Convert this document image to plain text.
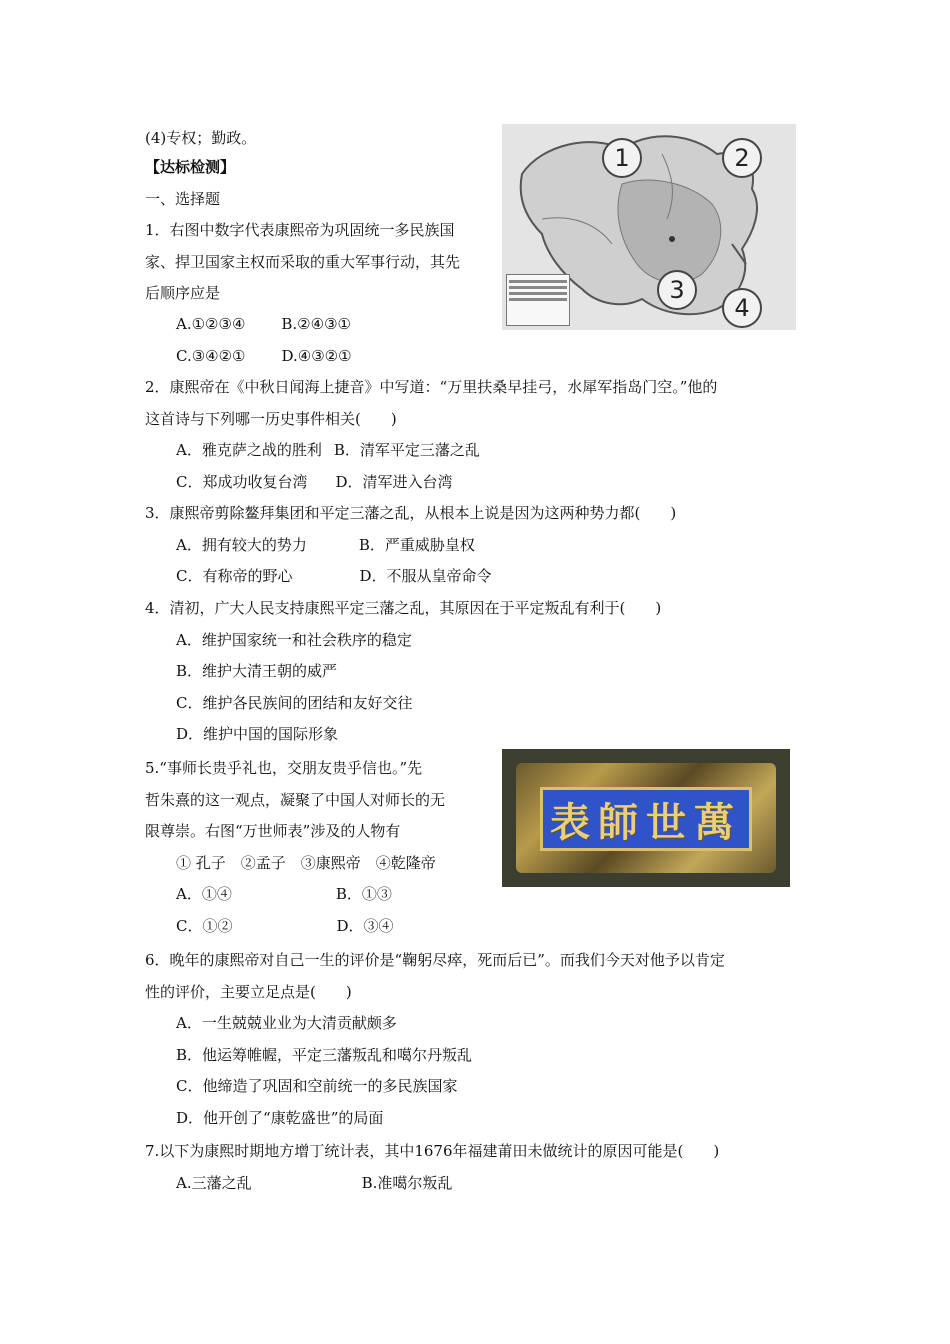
(4)专权；勤政。
【达标检测】
一、选择题
1．右图中数字代表康熙帝为巩固统一多民族国
家、捍卫国家主权而采取的重大军事行动，其先
后顺序应是
A.①②③④ B.②④③①
C.③④②① D.④③②①
2．康熙帝在《中秋日闻海上捷音》中写道：“万里扶桑早挂弓，水犀军指岛门空。”他的
这首诗与下列哪一历史事件相关(　　)
A．雅克萨之战的胜利 B．清军平定三藩之乱
C．郑成功收复台湾 D．清军进入台湾
3．康熙帝剪除鳌拜集团和平定三藩之乱，从根本上说是因为这两种势力都(　　)
A．拥有较大的势力	B．严重威胁皇权
C．有称帝的野心	D．不服从皇帝命令
4．清初，广大人民支持康熙平定三藩之乱，其原因在于平定叛乱有利于(　　)
A．维护国家统一和社会秩序的稳定
B．维护大清王朝的威严
C．维护各民族间的团结和友好交往
D．维护中国的国际形象
5.“事师长贵乎礼也，交朋友贵乎信也。”先
哲朱熹的这一观点，凝聚了中国人对师长的无
限尊崇。右图“万世师表”涉及的人物有
① 孔子　②孟子　③康熙帝　④乾隆帝
A．①④	B．①③
C．①②	D．③④
6．晚年的康熙帝对自己一生的评价是“鞠躬尽瘁，死而后已”。而我们今天对他予以肯定
性的评价，主要立足点是(　　)
A．一生兢兢业业为大清贡献颇多
B．他运筹帷幄，平定三藩叛乱和噶尔丹叛乱
C．他缔造了巩固和空前统一的多民族国家
D．他开创了“康乾盛世”的局面
7.以下为康熙时期地方增丁统计表，其中1676年福建莆田未做统计的原因可能是(　　)
A.三藩之乱	B.准噶尔叛乱
1	2
3
4
表師世萬
